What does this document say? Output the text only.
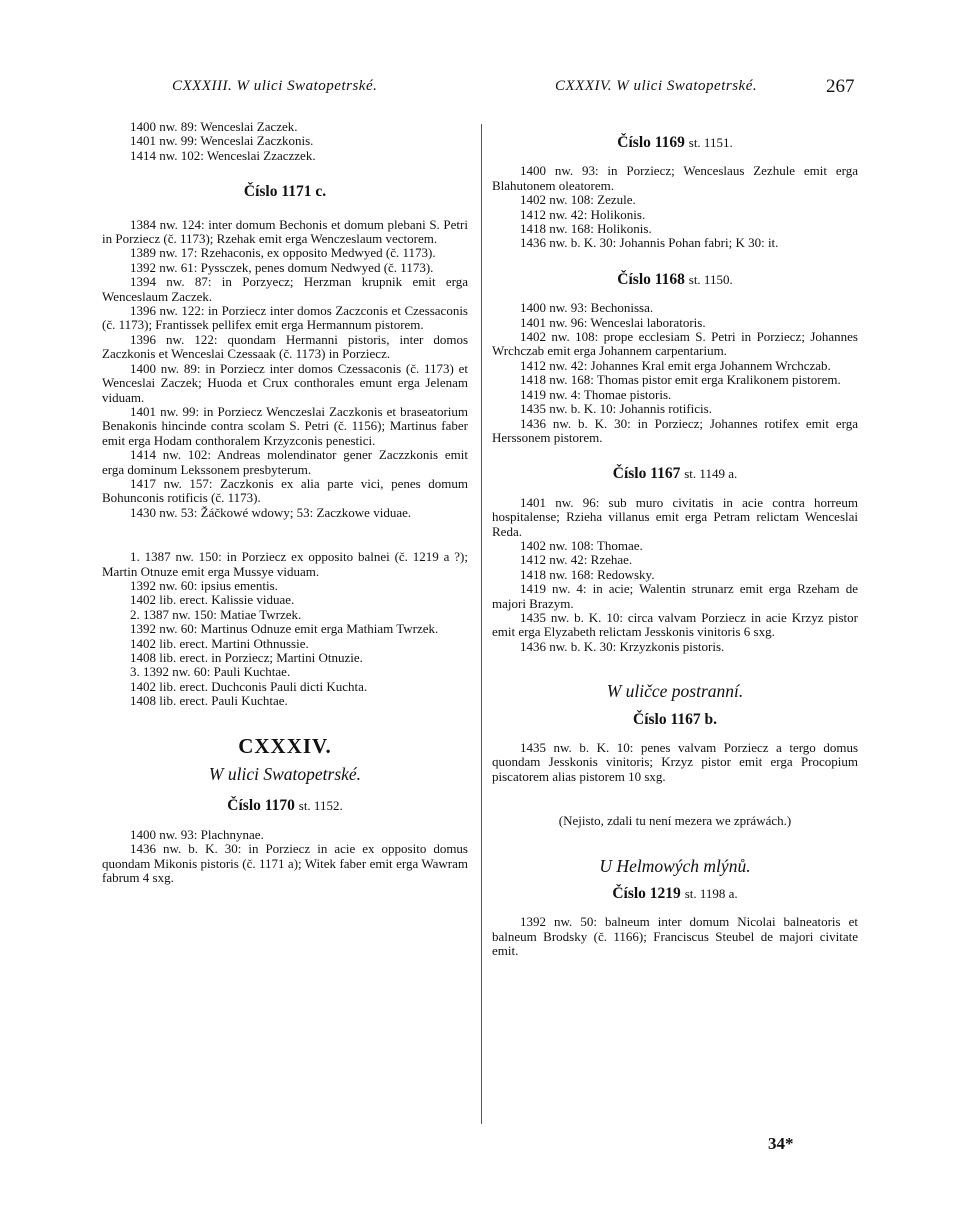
CXXXIII. W ulici Swatopetrské.	CXXXIV. W ulici Swatopetrské.	267

1400 nw. 89: Wenceslai Zaczek.

1401 nw. 99: Wenceslai Zaczkonis.

1414 nw. 102: Wenceslai Zzaczzek.

Číslo 1171 c.

1384 nw. 124: inter domum Bechonis et domum plebani S. Petri in Porziecz (č. 1173); Rzehak emit erga Wenczeslaum vectorem.

1389 nw. 17: Rzehaconis, ex opposito Medwyed (č. 1173).

1392 nw. 61: Pyssczek, penes domum Nedwyed (č. 1173).

1394 nw. 87: in Porzyecz; Herzman krupnik emit erga Wenceslaum Zaczek.

1396 nw. 122: in Porziecz inter domos Zaczconis et Czessaconis (č. 1173); Frantissek pellifex emit erga Hermannum pistorem.

1396 nw. 122: quondam Hermanni pistoris, inter domos Zaczkonis et Wenceslai Czessaak (č. 1173) in Porziecz.

1400 nw. 89: in Porziecz inter domos Czessaconis (č. 1173) et Wenceslai Zaczek; Huoda et Crux conthorales emunt erga Jelenam viduam.

1401 nw. 99: in Porziecz Wenczeslai Zaczkonis et braseatorium Benakonis hincinde contra scolam S. Petri (č. 1156); Martinus faber emit erga Hodam conthoralem Krzyzconis penestici.

1414 nw. 102: Andreas molendinator gener Zaczzkonis emit erga dominum Lekssonem presbyterum.

1417 nw. 157: Zaczkonis ex alia parte vici, penes domum Bohunconis rotificis (č. 1173).

1430 nw. 53: Žáčkowé wdowy; 53: Zaczkowe viduae.

1. 1387 nw. 150: in Porziecz ex opposito balnei (č. 1219 a ?); Martin Otnuze emit erga Mussye viduam.

1392 nw. 60: ipsius ementis.

1402 lib. erect. Kalissie viduae.

2. 1387 nw. 150: Matiae Twrzek.

1392 nw. 60: Martinus Odnuze emit erga Mathiam Twrzek.

1402 lib. erect. Martini Othnussie.

1408 lib. erect. in Porziecz; Martini Otnuzie.

3. 1392 nw. 60: Pauli Kuchtae.

1402 lib. erect. Duchconis Pauli dicti Kuchta.

1408 lib. erect. Pauli Kuchtae.

CXXXIV.

W ulici Swatopetrské.

Číslo 1170 st. 1152.

1400 nw. 93: Plachnynae.

1436 nw. b. K. 30: in Porziecz in acie ex opposito domus quondam Mikonis pistoris (č. 1171 a); Witek faber emit erga Wawram fabrum 4 sxg.

Číslo 1169 st. 1151.

1400 nw. 93: in Porziecz; Wenceslaus Zezhule emit erga Blahutonem oleatorem.

1402 nw. 108: Zezule.

1412 nw. 42: Holikonis.

1418 nw. 168: Holikonis.

1436 nw. b. K. 30: Johannis Pohan fabri; K 30: it.

Číslo 1168 st. 1150.

1400 nw. 93: Bechonissa.

1401 nw. 96: Wenceslai laboratoris.

1402 nw. 108: prope ecclesiam S. Petri in Porziecz; Johannes Wrchczab emit erga Johannem carpentarium.

1412 nw. 42: Johannes Kral emit erga Johannem Wrchczab.

1418 nw. 168: Thomas pistor emit erga Kralikonem pistorem.

1419 nw. 4: Thomae pistoris.

1435 nw. b. K. 10: Johannis rotificis.

1436 nw. b. K. 30: in Porziecz; Johannes rotifex emit erga Herssonem pistorem.

Číslo 1167 st. 1149 a.

1401 nw. 96: sub muro civitatis in acie contra horreum hospitalense; Rzieha villanus emit erga Petram relictam Wenceslai Reda.

1402 nw. 108: Thomae.

1412 nw. 42: Rzehae.

1418 nw. 168: Redowsky.

1419 nw. 4: in acie; Walentin strunarz emit erga Rzeham de majori Brazym.

1435 nw. b. K. 10: circa valvam Porziecz in acie Krzyz pistor emit erga Elyzabeth relictam Jesskonis vinitoris 6 sxg.

1436 nw. b. K. 30: Krzyzkonis pistoris.

W uličce postranní.

Číslo 1167 b.

1435 nw. b. K. 10: penes valvam Porziecz a tergo domus quondam Jesskonis vinitoris; Krzyz pistor emit erga Procopium piscatorem alias pistorem 10 sxg.

(Nejisto, zdali tu není mezera we zpráwách.)

U Helmowých mlýnů.

Číslo 1219 st. 1198 a.

1392 nw. 50: balneum inter domum Nicolai balneatoris et balneum Brodsky (č. 1166); Franciscus Steubel de majori civitate emit.

34*
